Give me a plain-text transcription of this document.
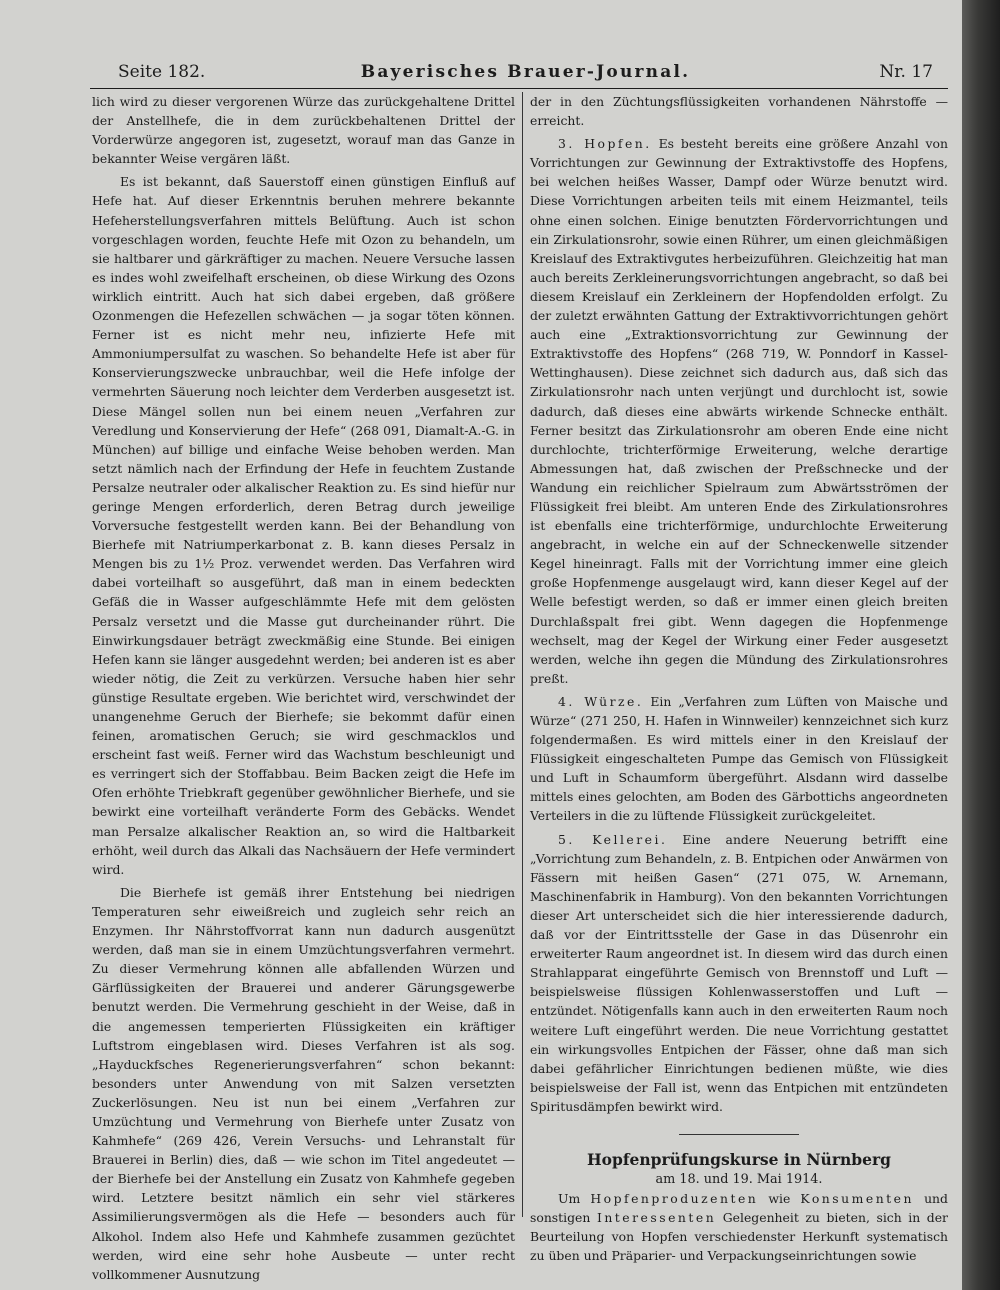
Seite 182.	Bayerisches Brauer-Journal.	Nr. 17

lich wird zu dieser vergorenen Würze das zurückgehaltene Drittel der Anstellhefe, die in dem zurückbehaltenen Drittel der Vorderwürze angegoren ist, zugesetzt, worauf man das Ganze in bekannter Weise vergären läßt.

Es ist bekannt, daß Sauerstoff einen günstigen Einfluß auf Hefe hat. Auf dieser Erkenntnis beruhen mehrere bekannte Hefeherstellungsverfahren mittels Belüftung. Auch ist schon vorgeschlagen worden, feuchte Hefe mit Ozon zu behandeln, um sie haltbarer und gärkräftiger zu machen. Neuere Versuche lassen es indes wohl zweifelhaft erscheinen, ob diese Wirkung des Ozons wirklich eintritt. Auch hat sich dabei ergeben, daß größere Ozonmengen die Hefezellen schwächen — ja sogar töten können. Ferner ist es nicht mehr neu, infizierte Hefe mit Ammoniumpersulfat zu waschen. So behandelte Hefe ist aber für Konservierungszwecke unbrauchbar, weil die Hefe infolge der vermehrten Säuerung noch leichter dem Verderben ausgesetzt ist. Diese Mängel sollen nun bei einem neuen „Verfahren zur Veredlung und Konservierung der Hefe“ (268 091, Diamalt-A.-G. in München) auf billige und einfache Weise behoben werden. Man setzt nämlich nach der Erfindung der Hefe in feuchtem Zustande Persalze neutraler oder alkalischer Reaktion zu. Es sind hiefür nur geringe Mengen erforderlich, deren Betrag durch jeweilige Vorversuche festgestellt werden kann. Bei der Behandlung von Bierhefe mit Natriumperkarbonat z. B. kann dieses Persalz in Mengen bis zu 1½ Proz. verwendet werden. Das Verfahren wird dabei vorteilhaft so ausgeführt, daß man in einem bedeckten Gefäß die in Wasser aufgeschlämmte Hefe mit dem gelösten Persalz versetzt und die Masse gut durcheinander rührt. Die Einwirkungsdauer beträgt zweckmäßig eine Stunde. Bei einigen Hefen kann sie länger ausgedehnt werden; bei anderen ist es aber wieder nötig, die Zeit zu verkürzen. Versuche haben hier sehr günstige Resultate ergeben. Wie berichtet wird, verschwindet der unangenehme Geruch der Bierhefe; sie bekommt dafür einen feinen, aromatischen Geruch; sie wird geschmacklos und erscheint fast weiß. Ferner wird das Wachstum beschleunigt und es verringert sich der Stoffabbau. Beim Backen zeigt die Hefe im Ofen erhöhte Triebkraft gegenüber gewöhnlicher Bierhefe, und sie bewirkt eine vorteilhaft veränderte Form des Gebäcks. Wendet man Persalze alkalischer Reaktion an, so wird die Haltbarkeit erhöht, weil durch das Alkali das Nachsäuern der Hefe vermindert wird.

Die Bierhefe ist gemäß ihrer Entstehung bei niedrigen Temperaturen sehr eiweißreich und zugleich sehr reich an Enzymen. Ihr Nährstoffvorrat kann nun dadurch ausgenützt werden, daß man sie in einem Umzüchtungsverfahren vermehrt. Zu dieser Vermehrung können alle abfallenden Würzen und Gärflüssigkeiten der Brauerei und anderer Gärungsgewerbe benutzt werden. Die Vermehrung geschieht in der Weise, daß in die angemessen temperierten Flüssigkeiten ein kräftiger Luftstrom eingeblasen wird. Dieses Verfahren ist als sog. „Hayduckfsches Regenerierungsverfahren“ schon bekannt: besonders unter Anwendung von mit Salzen versetzten Zuckerlösungen. Neu ist nun bei einem „Verfahren zur Umzüchtung und Vermehrung von Bierhefe unter Zusatz von Kahmhefe“ (269 426, Verein Versuchs- und Lehranstalt für Brauerei in Berlin) dies, daß — wie schon im Titel angedeutet — der Bierhefe bei der Anstellung ein Zusatz von Kahmhefe gegeben wird. Letztere besitzt nämlich ein sehr viel stärkeres Assimilierungsvermögen als die Hefe — besonders auch für Alkohol. Indem also Hefe und Kahmhefe zusammen gezüchtet werden, wird eine sehr hohe Ausbeute — unter recht vollkommener Ausnutzung

der in den Züchtungsflüssigkeiten vorhandenen Nährstoffe — erreicht.

3. Hopfen. Es besteht bereits eine größere Anzahl von Vorrichtungen zur Gewinnung der Extraktivstoffe des Hopfens, bei welchen heißes Wasser, Dampf oder Würze benutzt wird. Diese Vorrichtungen arbeiten teils mit einem Heizmantel, teils ohne einen solchen. Einige benutzten Fördervorrichtungen und ein Zirkulationsrohr, sowie einen Rührer, um einen gleichmäßigen Kreislauf des Extraktivgutes herbeizuführen. Gleichzeitig hat man auch bereits Zerkleinerungsvorrichtungen angebracht, so daß bei diesem Kreislauf ein Zerkleinern der Hopfendolden erfolgt. Zu der zuletzt erwähnten Gattung der Extraktivvorrichtungen gehört auch eine „Extraktionsvorrichtung zur Gewinnung der Extraktivstoffe des Hopfens“ (268 719, W. Ponndorf in Kassel-Wettinghausen). Diese zeichnet sich dadurch aus, daß sich das Zirkulationsrohr nach unten verjüngt und durchlocht ist, sowie dadurch, daß dieses eine abwärts wirkende Schnecke enthält. Ferner besitzt das Zirkulationsrohr am oberen Ende eine nicht durchlochte, trichterförmige Erweiterung, welche derartige Abmessungen hat, daß zwischen der Preßschnecke und der Wandung ein reichlicher Spielraum zum Abwärtsströmen der Flüssigkeit frei bleibt. Am unteren Ende des Zirkulationsrohres ist ebenfalls eine trichterförmige, undurchlochte Erweiterung angebracht, in welche ein auf der Schneckenwelle sitzender Kegel hineinragt. Falls mit der Vorrichtung immer eine gleich große Hopfenmenge ausgelaugt wird, kann dieser Kegel auf der Welle befestigt werden, so daß er immer einen gleich breiten Durchlaßspalt frei gibt. Wenn dagegen die Hopfenmenge wechselt, mag der Kegel der Wirkung einer Feder ausgesetzt werden, welche ihn gegen die Mündung des Zirkulationsrohres preßt.

4. Würze. Ein „Verfahren zum Lüften von Maische und Würze“ (271 250, H. Hafen in Winnweiler) kennzeichnet sich kurz folgendermaßen. Es wird mittels einer in den Kreislauf der Flüssigkeit eingeschalteten Pumpe das Gemisch von Flüssigkeit und Luft in Schaumform übergeführt. Alsdann wird dasselbe mittels eines gelochten, am Boden des Gärbottichs angeordneten Verteilers in die zu lüftende Flüssigkeit zurückgeleitet.

5. Kellerei. Eine andere Neuerung betrifft eine „Vorrichtung zum Behandeln, z. B. Entpichen oder Anwärmen von Fässern mit heißen Gasen“ (271 075, W. Arnemann, Maschinenfabrik in Hamburg). Von den bekannten Vorrichtungen dieser Art unterscheidet sich die hier interessierende dadurch, daß vor der Eintrittsstelle der Gase in das Düsenrohr ein erweiterter Raum angeordnet ist. In diesem wird das durch einen Strahlapparat eingeführte Gemisch von Brennstoff und Luft — beispielsweise flüssigen Kohlenwasserstoffen und Luft — entzündet. Nötigenfalls kann auch in den erweiterten Raum noch weitere Luft eingeführt werden. Die neue Vorrichtung gestattet ein wirkungsvolles Entpichen der Fässer, ohne daß man sich dabei gefährlicher Einrichtungen bedienen müßte, wie dies beispielsweise der Fall ist, wenn das Entpichen mit entzündeten Spiritusdämpfen bewirkt wird.

Hopfenprüfungskurse in Nürnberg

am 18. und 19. Mai 1914.

Um Hopfenproduzenten wie Konsumenten und sonstigen Interessenten Gelegenheit zu bieten, sich in der Beurteilung von Hopfen verschiedenster Herkunft systematisch zu üben und Präparier- und Verpackungseinrichtungen sowie
